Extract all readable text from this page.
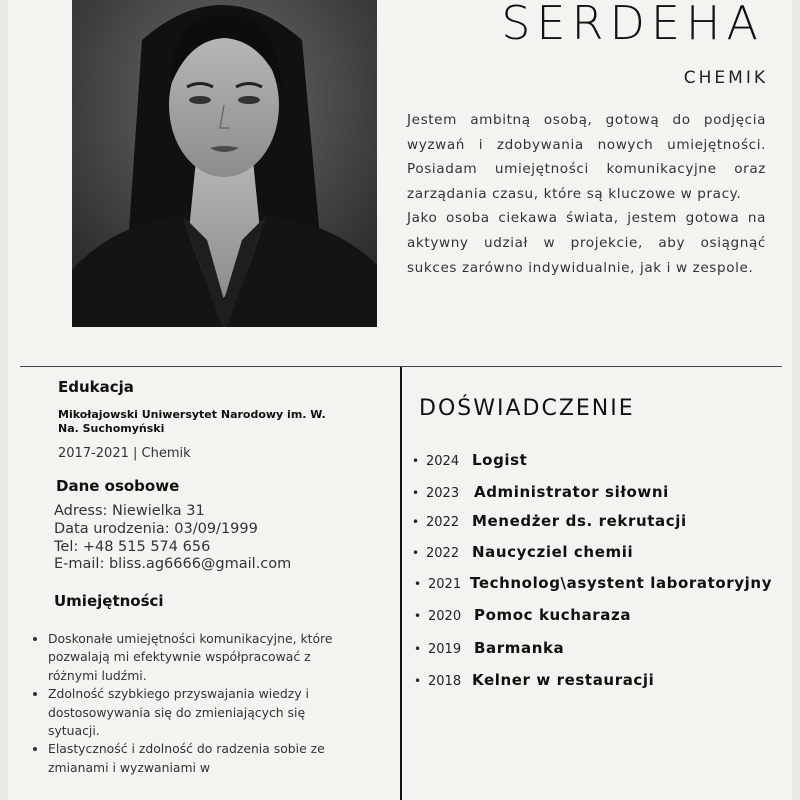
SERDEHA
CHEMIK

Jestem ambitną osobą, gotową do podjęcia wyzwań i zdobywania nowych umiejętności. Posiadam umiejętności komunikacyjne oraz zarządania czasu, które są kluczowe w pracy.

Jako osoba ciekawa świata, jestem gotowa na aktywny udział w projekcie, aby osiągnąć sukces zarówno indywidualnie, jak i w zespole.

Edukacja
Mikołajowski Uniwersytet Narodowy im. W. Na. Suchomyński
2017-2021 | Chemik
Dane osobowe
Adress: Niewielka 31
Data urodzenia: 03/09/1999
Tel: +48 515 574 656
E-mail: bliss.ag6666@gmail.com
Umiejętności
• Doskonałe umiejętności komunikacyjne, które pozwalają mi efektywnie współpracować z różnymi ludźmi.
• Zdolność szybkiego przyswajania wiedzy i dostosowywania się do zmieniających się sytuacji.
• Elastyczność i zdolność do radzenia sobie ze zmianami i wyzwaniami w
DOŚWIADCZENIE
• 2024 Logist
• 2023 Administrator siłowni
• 2022 Menedżer ds. rekrutacji
• 2022 Naucycziel chemii
• 2021 Technolog\asystent laboratoryjny
• 2020 Pomoc kucharaza
• 2019 Barmanka
• 2018 Kelner w restauracji
